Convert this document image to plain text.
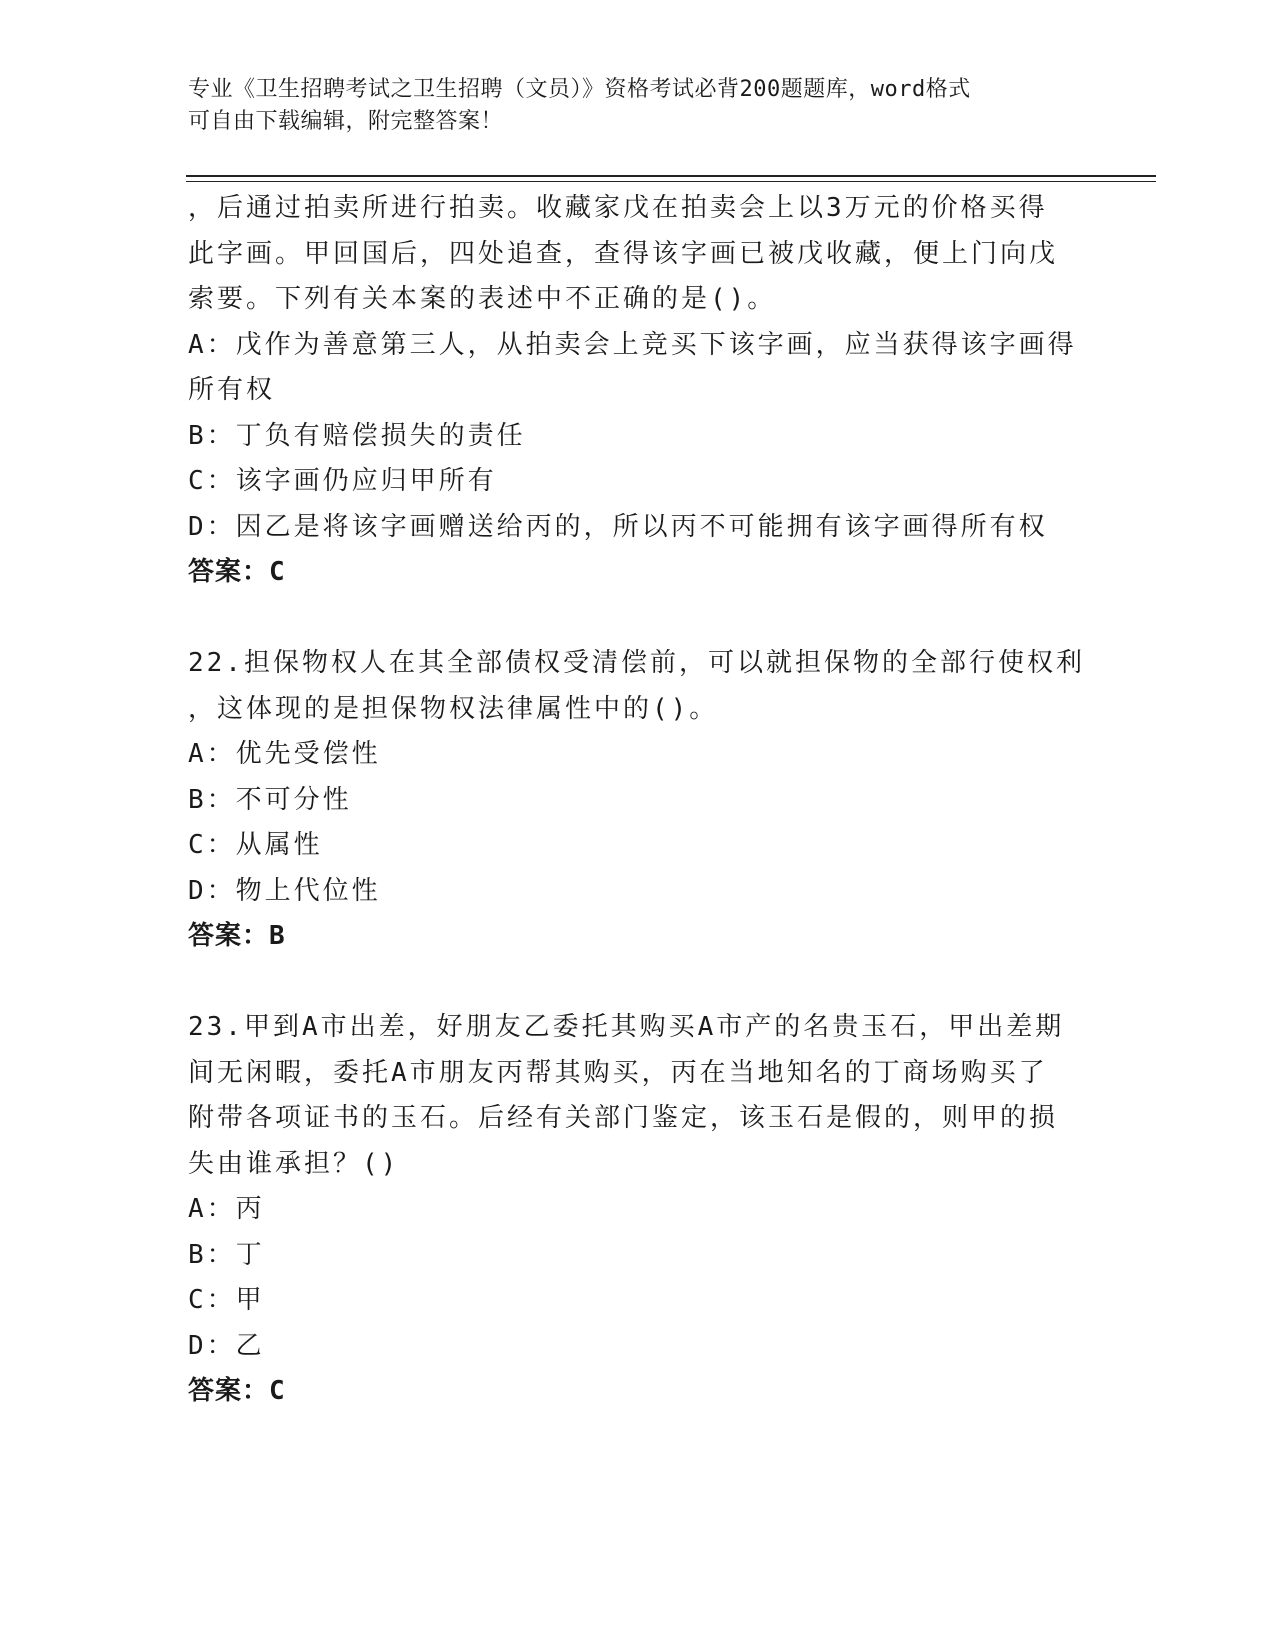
专业《卫生招聘考试之卫生招聘（文员）》资格考试必背200题题库，word格式
可自由下载编辑，附完整答案！
，后通过拍卖所进行拍卖。收藏家戊在拍卖会上以3万元的价格买得
此字画。甲回国后，四处追查，查得该字画已被戊收藏，便上门向戊
索要。下列有关本案的表述中不正确的是()。
A：戊作为善意第三人，从拍卖会上竞买下该字画，应当获得该字画得
所有权
B：丁负有赔偿损失的责任
C：该字画仍应归甲所有
D：因乙是将该字画赠送给丙的，所以丙不可能拥有该字画得所有权
答案：C
22.担保物权人在其全部债权受清偿前，可以就担保物的全部行使权利
，这体现的是担保物权法律属性中的()。
A：优先受偿性
B：不可分性
C：从属性
D：物上代位性
答案：B
23.甲到A市出差，好朋友乙委托其购买A市产的名贵玉石，甲出差期
间无闲暇，委托A市朋友丙帮其购买，丙在当地知名的丁商场购买了
附带各项证书的玉石。后经有关部门鉴定，该玉石是假的，则甲的损
失由谁承担？()
A：丙
B：丁
C：甲
D：乙
答案：C
